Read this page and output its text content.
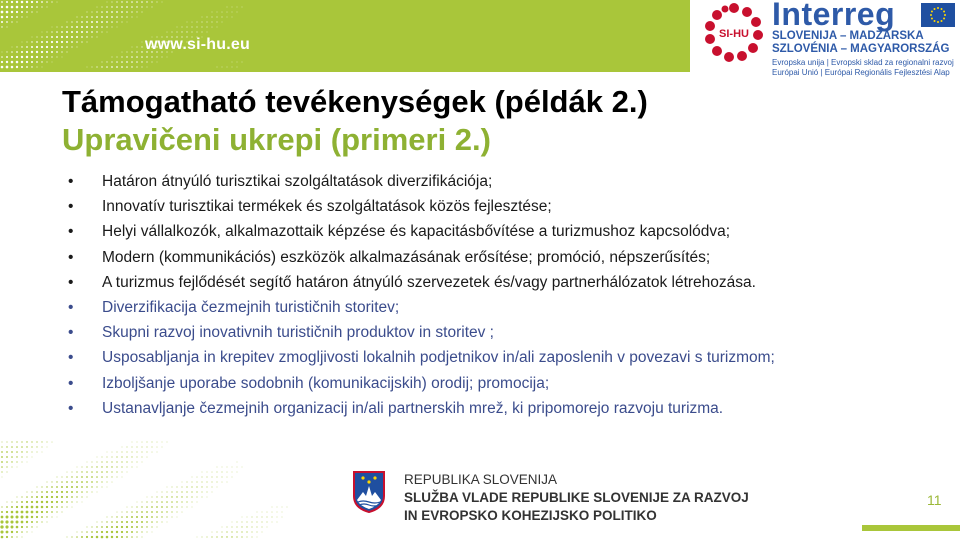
www.si-hu.eu
SI-HU
Interreg
SLOVENIJA – MADŽARSKA
SZLOVÉNIA – MAGYARORSZÁG
Evropska unija | Evropski sklad za regionalni razvoj
Európai Unió | Európai Regionális Fejlesztési Alap
Támogatható tevékenységek (példák 2.)
Upravičeni ukrepi (primeri 2.)
• Határon átnyúló turisztikai szolgáltatások diverzifikációja;
• Innovatív turisztikai termékek és szolgáltatások közös fejlesztése;
• Helyi vállalkozók, alkalmazottaik képzése és kapacitásbővítése a turizmushoz kapcsolódva;
• Modern (kommunikációs) eszközök alkalmazásának erősítése; promóció, népszerűsítés;
• A turizmus fejlődését segítő határon átnyúló szervezetek és/vagy partnerhálózatok létrehozása.
• Diverzifikacija čezmejnih turističnih storitev;
• Skupni razvoj inovativnih turističnih produktov in storitev ;
• Usposabljanja in krepitev zmogljivosti lokalnih podjetnikov in/ali zaposlenih v povezavi s turizmom;
• Izboljšanje uporabe sodobnih (komunikacijskih) orodij; promocija;
• Ustanavljanje čezmejnih organizacij in/ali partnerskih mrež, ki pripomorejo razvoju turizma.
REPUBLIKA SLOVENIJA
SLUŽBA VLADE REPUBLIKE SLOVENIJE ZA RAZVOJ
IN EVROPSKO KOHEZIJSKO POLITIKO
11
